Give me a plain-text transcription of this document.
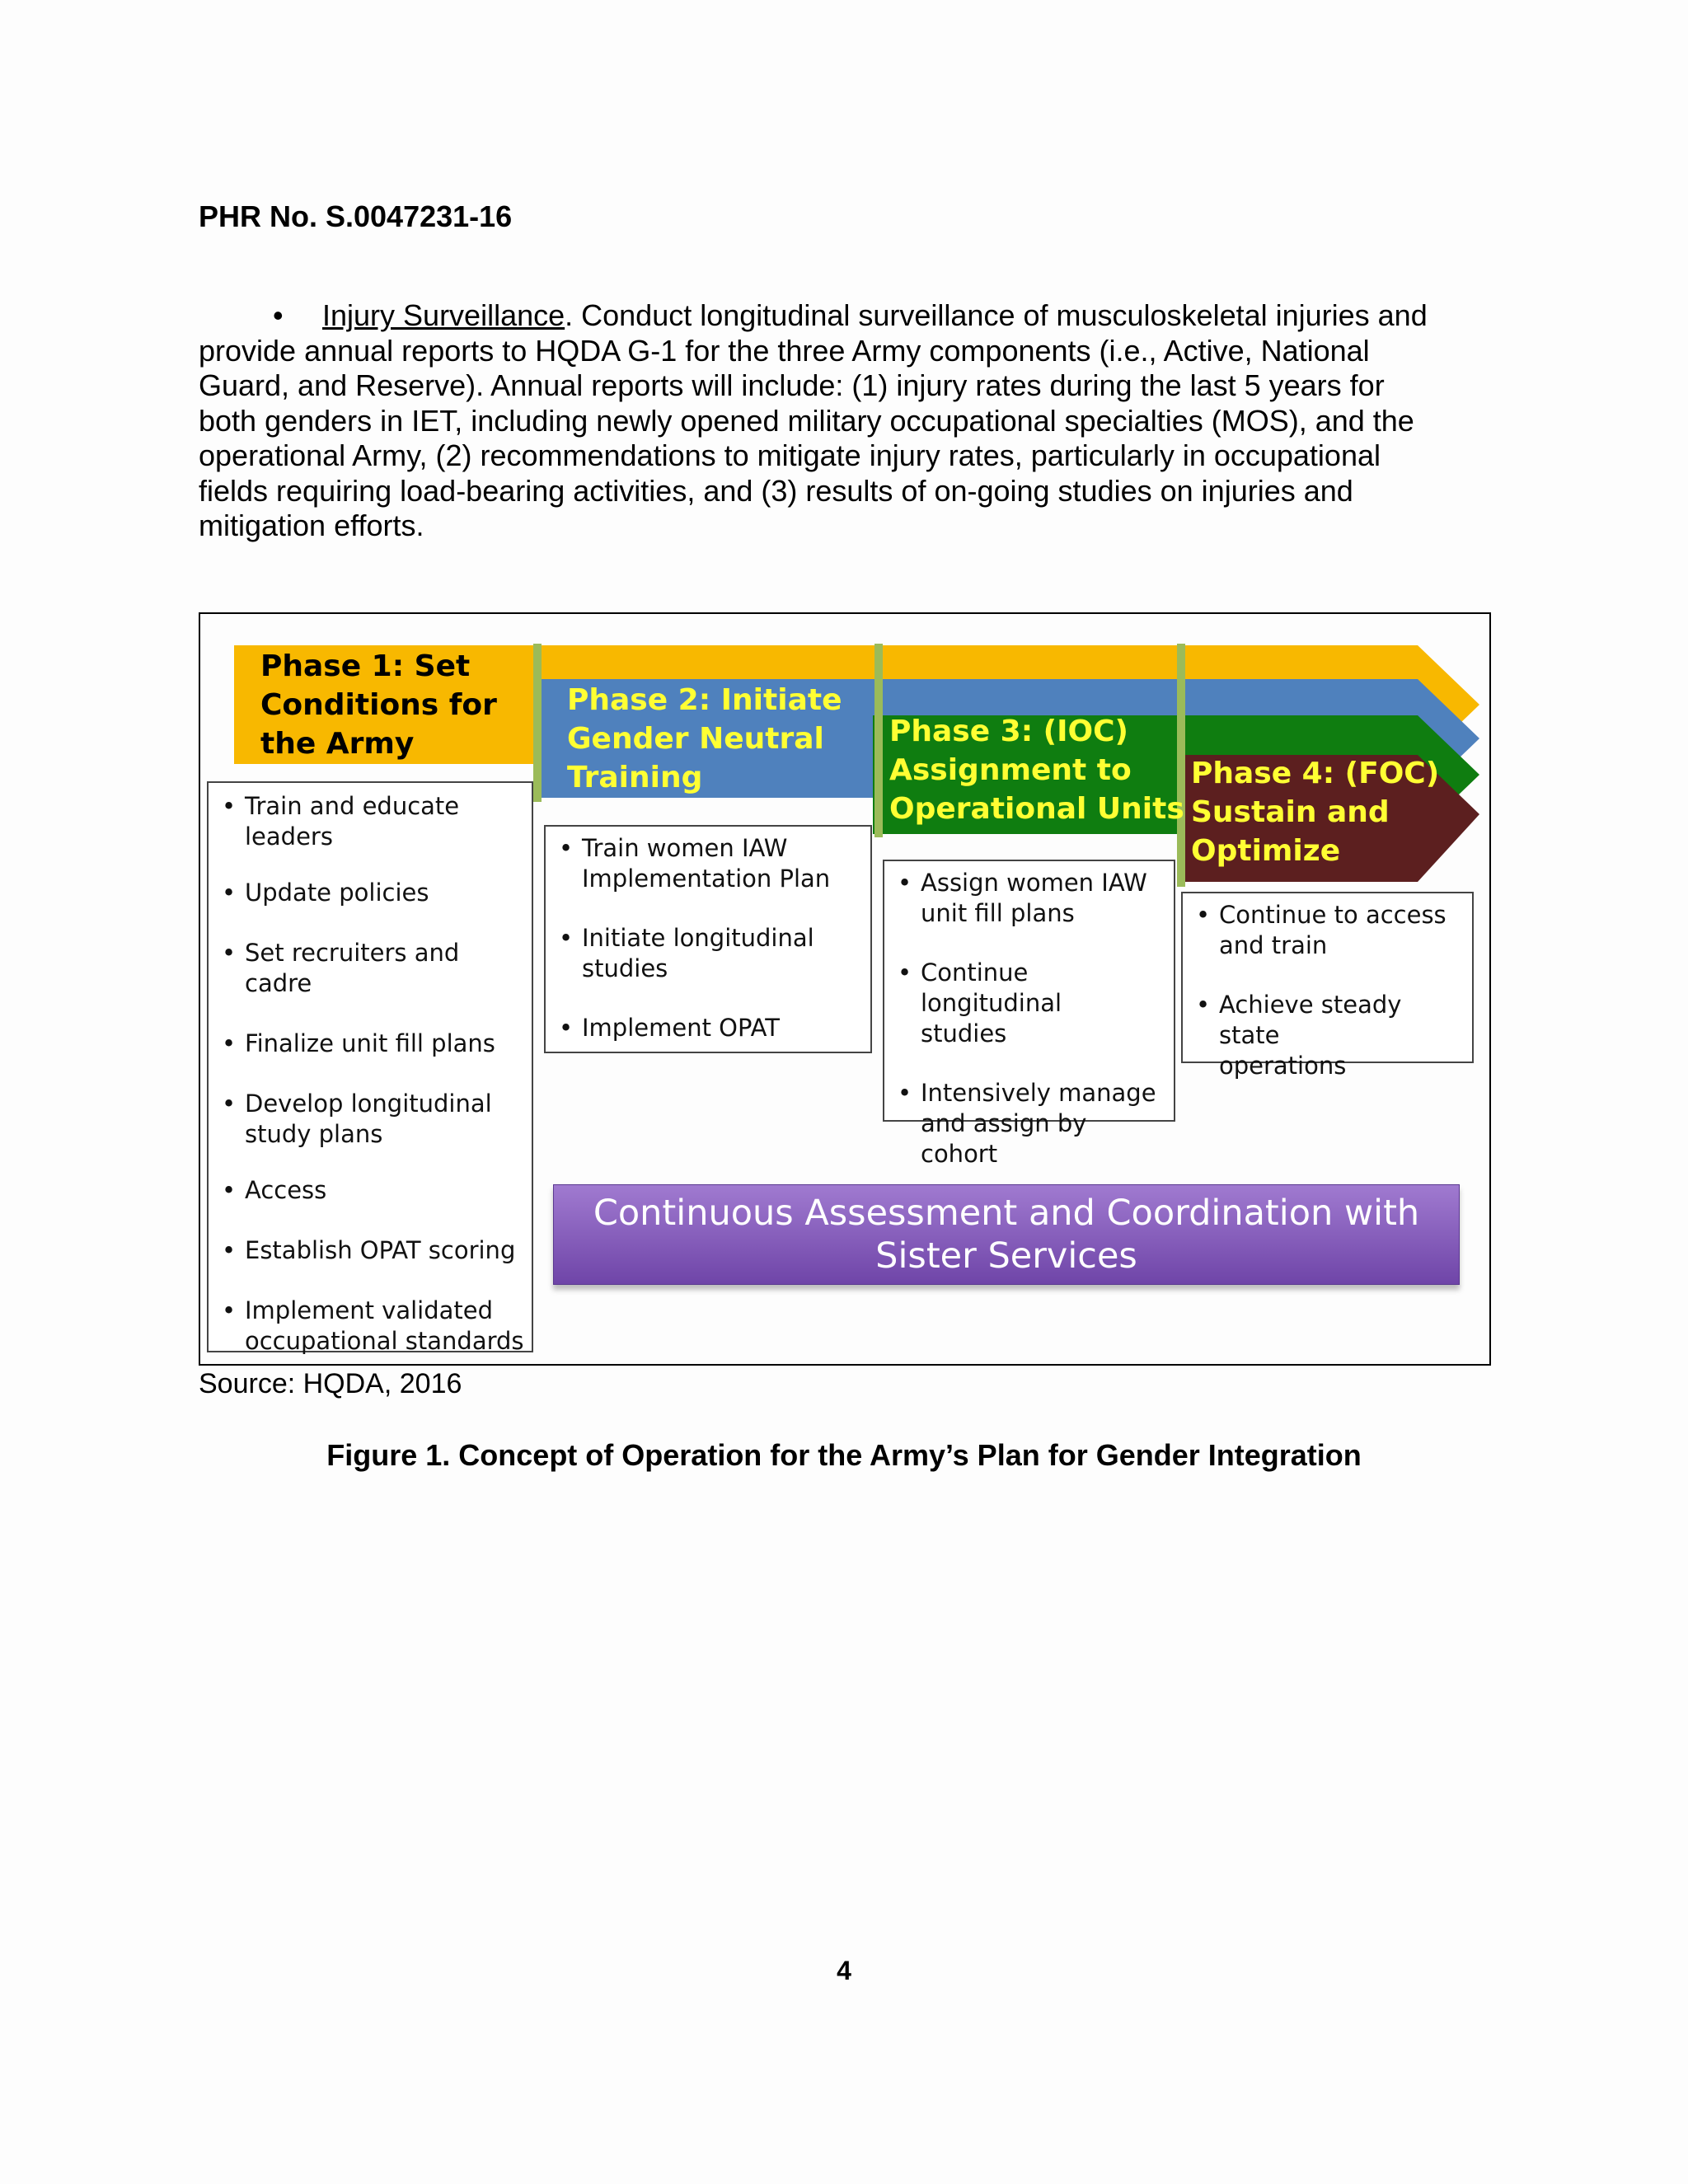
PHR No. S.0047231-16
• Injury Surveillance. Conduct longitudinal surveillance of musculoskeletal injuries and
provide annual reports to HQDA G-1 for the three Army components (i.e., Active, National
Guard, and Reserve). Annual reports will include: (1) injury rates during the last 5 years for
both genders in IET, including newly opened military occupational specialties (MOS), and the
operational Army, (2) recommendations to mitigate injury rates, particularly in occupational
fields requiring load-bearing activities, and (3) results of on-going studies on injuries and
mitigation efforts.
Phase 1: Set
Conditions for
the Army
Phase 2: Initiate
Gender Neutral
Training
Phase 3: (IOC)
Assignment to
Operational Units
Phase 4: (FOC)
Sustain and
Optimize
• Train and educate
leaders
• Update policies
• Set recruiters and cadre
• Finalize unit fill plans
• Develop longitudinal
study plans
• Access
• Establish OPAT scoring
• Implement validated
occupational standards
• Train women IAW
Implementation Plan
• Initiate longitudinal
studies
• Implement OPAT
• Assign women IAW
unit fill plans
• Continue longitudinal
studies
• Intensively manage
and assign by cohort
• Continue to access
and train
• Achieve steady state
operations
Continuous Assessment and Coordination with Sister Services
Source: HQDA, 2016
Figure 1. Concept of Operation for the Army’s Plan for Gender Integration
4
